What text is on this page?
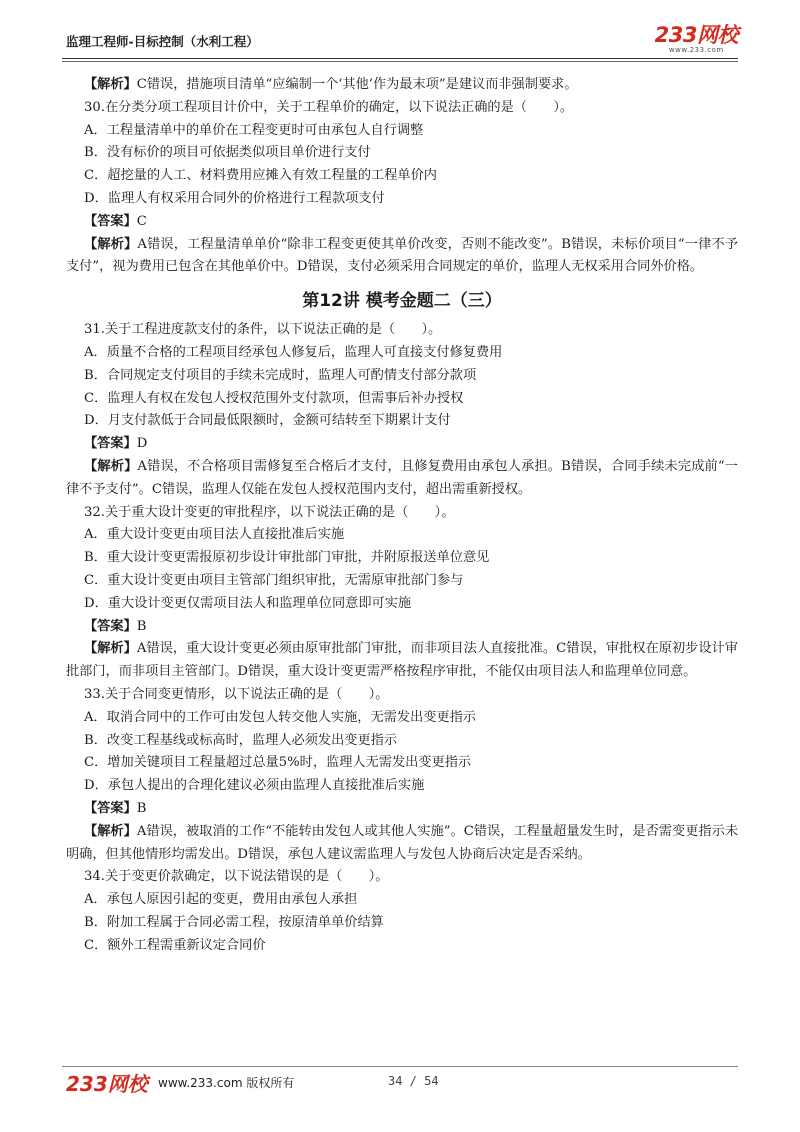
监理工程师-目标控制（水利工程）	233网校
www.233.com
【解析】C错误，措施项目清单“应编制一个‘其他’作为最末项”是建议而非强制要求。
30.在分类分项工程项目计价中，关于工程单价的确定，以下说法正确的是（　　）。
A．工程量清单中的单价在工程变更时可由承包人自行调整
B．没有标价的项目可依据类似项目单价进行支付
C．超挖量的人工、材料费用应摊入有效工程量的工程单价内
D．监理人有权采用合同外的价格进行工程款项支付
【答案】C
【解析】A错误，工程量清单单价“除非工程变更使其单价改变，否则不能改变”。B错误，未标价项目“一律不予支付”，视为费用已包含在其他单价中。D错误，支付必须采用合同规定的单价，监理人无权采用合同外价格。
第12讲 模考金题二（三）
31.关于工程进度款支付的条件，以下说法正确的是（　　）。
A．质量不合格的工程项目经承包人修复后，监理人可直接支付修复费用
B．合同规定支付项目的手续未完成时，监理人可酌情支付部分款项
C．监理人有权在发包人授权范围外支付款项，但需事后补办授权
D．月支付款低于合同最低限额时，金额可结转至下期累计支付
【答案】D
【解析】A错误，不合格项目需修复至合格后才支付，且修复费用由承包人承担。B错误，合同手续未完成前“一律不予支付”。C错误，监理人仅能在发包人授权范围内支付，超出需重新授权。
32.关于重大设计变更的审批程序，以下说法正确的是（　　）。
A．重大设计变更由项目法人直接批准后实施
B．重大设计变更需报原初步设计审批部门审批，并附原报送单位意见
C．重大设计变更由项目主管部门组织审批，无需原审批部门参与
D．重大设计变更仅需项目法人和监理单位同意即可实施
【答案】B
【解析】A错误，重大设计变更必须由原审批部门审批，而非项目法人直接批准。C错误，审批权在原初步设计审批部门，而非项目主管部门。D错误，重大设计变更需严格按程序审批，不能仅由项目法人和监理单位同意。
33.关于合同变更情形，以下说法正确的是（　　）。
A．取消合同中的工作可由发包人转交他人实施，无需发出变更指示
B．改变工程基线或标高时，监理人必须发出变更指示
C．增加关键项目工程量超过总量5%时，监理人无需发出变更指示
D．承包人提出的合理化建议必须由监理人直接批准后实施
【答案】B
【解析】A错误，被取消的工作“不能转由发包人或其他人实施”。C错误，工程量超量发生时，是否需变更指示未明确，但其他情形均需发出。D错误，承包人建议需监理人与发包人协商后决定是否采纳。
34.关于变更价款确定，以下说法错误的是（　　）。
A．承包人原因引起的变更，费用由承包人承担
B．附加工程属于合同必需工程，按原清单单价结算
C．额外工程需重新议定合同价
233网校 www.233.com 版权所有	34 / 54
